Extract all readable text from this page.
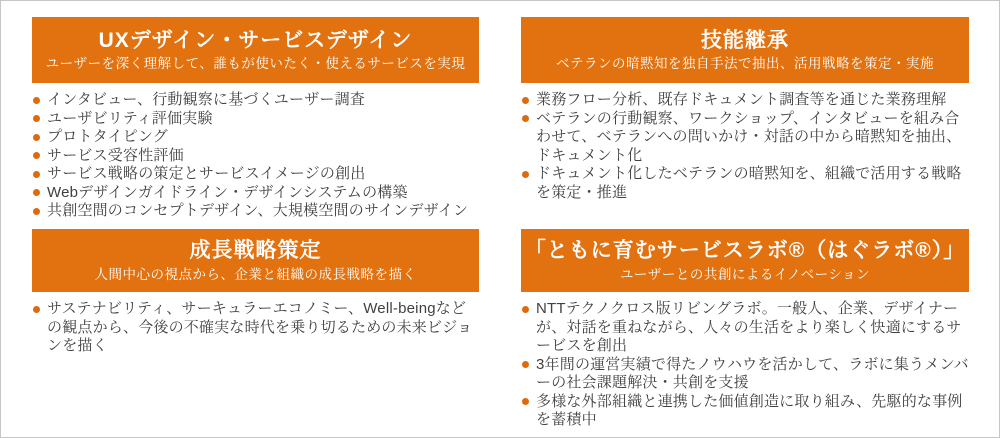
UXデザイン・サービスデザイン

ユーザーを深く理解して、誰もが使いたく・使えるサービスを実現

インタビュー、行動観察に基づくユーザー調査
ユーザビリティ評価実験
プロトタイピング
サービス受容性評価
サービス戦略の策定とサービスイメージの創出
Webデザインガイドライン・デザインシステムの構築
共創空間のコンセプトデザイン、大規模空間のサインデザイン
技能継承

ベテランの暗黙知を独自手法で抽出、活用戦略を策定・実施

業務フロー分析、既存ドキュメント調査等を通じた業務理解
ベテランの行動観察、ワークショップ、インタビューを組み合わせて、ベテランへの問いかけ・対話の中から暗黙知を抽出、ドキュメント化
ドキュメント化したベテランの暗黙知を、組織で活用する戦略を策定・推進
成長戦略策定

人間中心の視点から、企業と組織の成長戦略を描く

サステナビリティ、サーキュラーエコノミー、Well-beingなどの観点から、今後の不確実な時代を乗り切るための未来ビジョンを描く
「ともに育むサービスラボ®（はぐラボ®）」

ユーザーとの共創によるイノベーション

NTTテクノクロス版リビングラボ。一般人、企業、デザイナーが、対話を重ねながら、人々の生活をより楽しく快適にするサービスを創出
3年間の運営実績で得たノウハウを活かして、ラボに集うメンバーの社会課題解決・共創を支援
多様な外部組織と連携した価値創造に取り組み、先駆的な事例を蓄積中
